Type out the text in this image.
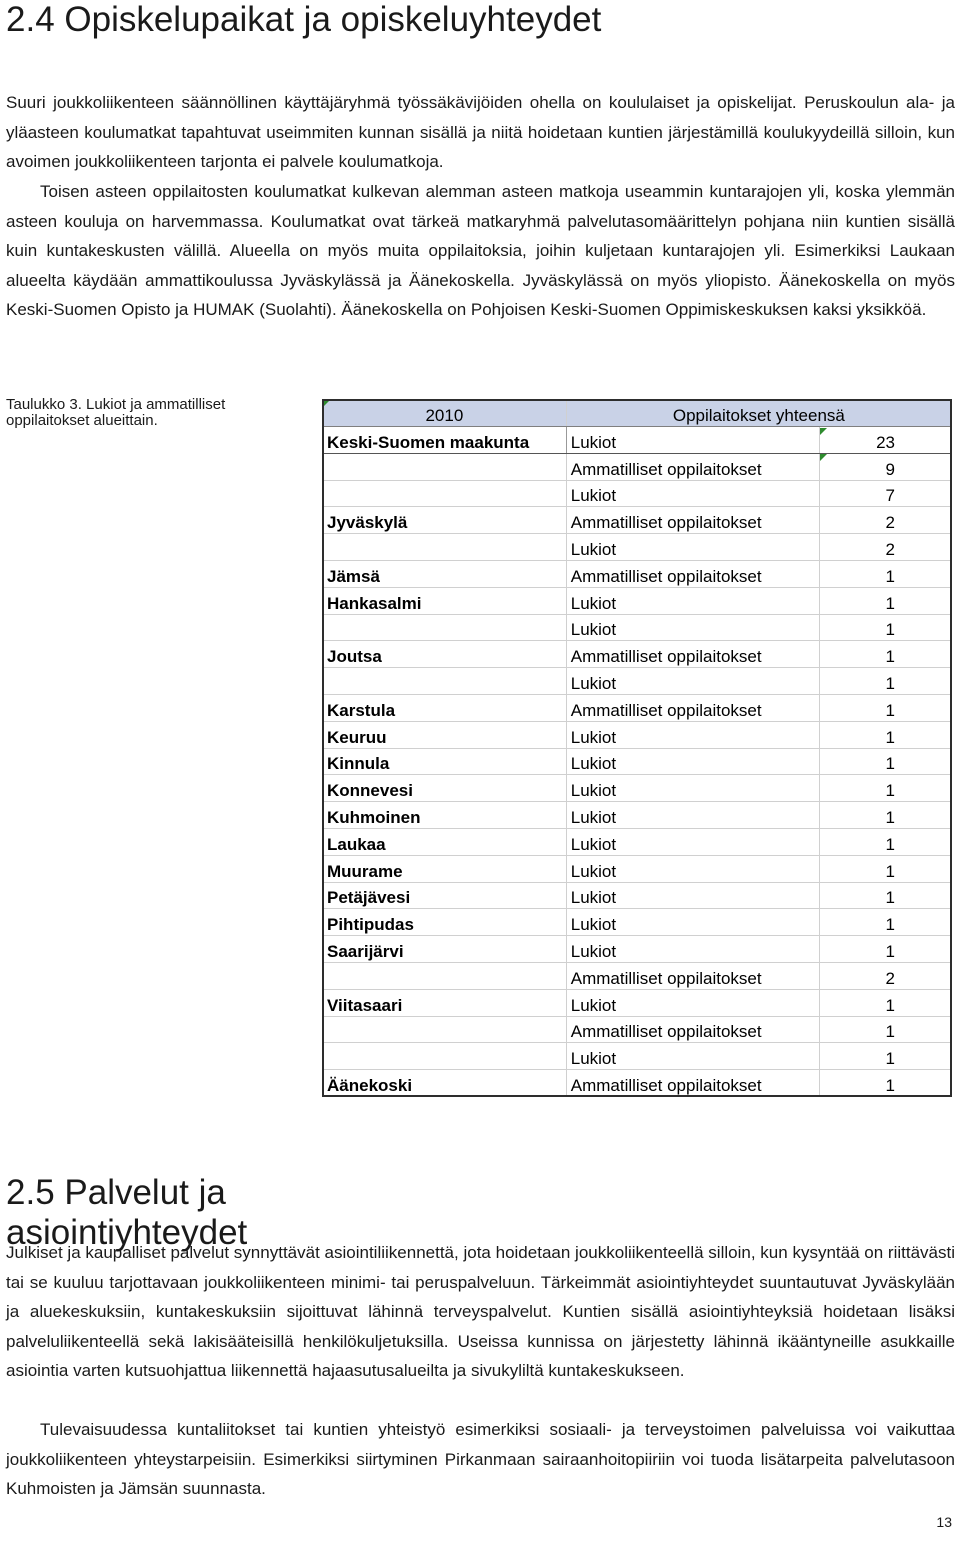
2.4 Opiskelupaikat ja opiskeluyhteydet

Suuri joukkoliikenteen säännöllinen käyttäjäryhmä työssäkävijöiden ohella on koululaiset ja opiskelijat. Peruskoulun ala- ja yläasteen koulumatkat tapahtuvat useimmiten kunnan sisällä ja niitä hoidetaan kuntien järjestämillä koulukyydeillä silloin, kun avoimen joukkoliikenteen tarjonta ei palvele koulumatkoja.

Toisen asteen oppilaitosten koulumatkat kulkevan alemman asteen matkoja useammin kuntarajojen yli, koska ylemmän asteen kouluja on harvemmassa. Koulumatkat ovat tärkeä matkaryhmä palvelutasomäärittelyn pohjana niin kuntien sisällä kuin kuntakeskusten välillä. Alueella on myös muita oppilaitoksia, joihin kuljetaan kuntarajojen yli. Esimerkiksi Laukaan alueelta käydään ammattikoulussa Jyväskylässä ja Äänekoskella. Jyväskylässä on myös yliopisto. Äänekoskella on myös Keski-Suomen Opisto ja HUMAK (Suolahti). Äänekoskella on Pohjoisen Keski-Suomen Oppimiskeskuksen kaksi yksikköä.

Taulukko 3. Lukiot ja ammatilliset oppilaitokset alueittain.	2010	Oppilaitokset yhteensä	
Keski-Suomen maakunta	Lukiot	23
	Ammatilliset oppilaitokset	9
	Lukiot	7
Jyväskylä	Ammatilliset oppilaitokset	2
	Lukiot	2
Jämsä	Ammatilliset oppilaitokset	1
Hankasalmi	Lukiot	1
	Lukiot	1
Joutsa	Ammatilliset oppilaitokset	1
	Lukiot	1
Karstula	Ammatilliset oppilaitokset	1
Keuruu	Lukiot	1
Kinnula	Lukiot	1
Konnevesi	Lukiot	1
Kuhmoinen	Lukiot	1
Laukaa	Lukiot	1
Muurame	Lukiot	1
Petäjävesi	Lukiot	1
Pihtipudas	Lukiot	1
Saarijärvi	Lukiot	1
	Ammatilliset oppilaitokset	2
Viitasaari	Lukiot	1
	Ammatilliset oppilaitokset	1
	Lukiot	1
Äänekoski	Ammatilliset oppilaitokset	1
2.5 Palvelut ja asiointiyhteydet

Julkiset ja kaupalliset palvelut synnyttävät asiointiliikennettä, jota hoidetaan joukkoliikenteellä silloin, kun kysyntää on riittävästi tai se kuuluu tarjottavaan joukkoliikenteen minimi- tai peruspalveluun. Tärkeimmät asiointiyhteydet suuntautuvat Jyväskylään ja aluekeskuksiin, kuntakeskuksiin sijoittuvat lähinnä terveyspalvelut. Kuntien sisällä asiointiyhteyksiä hoidetaan lisäksi palveluliikenteellä sekä lakisääteisillä henkilökuljetuksilla. Useissa kunnissa on järjestetty lähinnä ikääntyneille asukkaille asiointia varten kutsuohjattua liikennettä hajaasutusalueilta ja sivukyliltä kuntakeskukseen.

Tulevaisuudessa kuntaliitokset tai kuntien yhteistyö esimerkiksi sosiaali- ja terveystoimen palveluissa voi vaikuttaa joukkoliikenteen yhteystarpeisiin. Esimerkiksi siirtyminen Pirkanmaan sairaanhoitopiiriin voi tuoda lisätarpeita palvelutasoon Kuhmoisten ja Jämsän suunnasta.

13
